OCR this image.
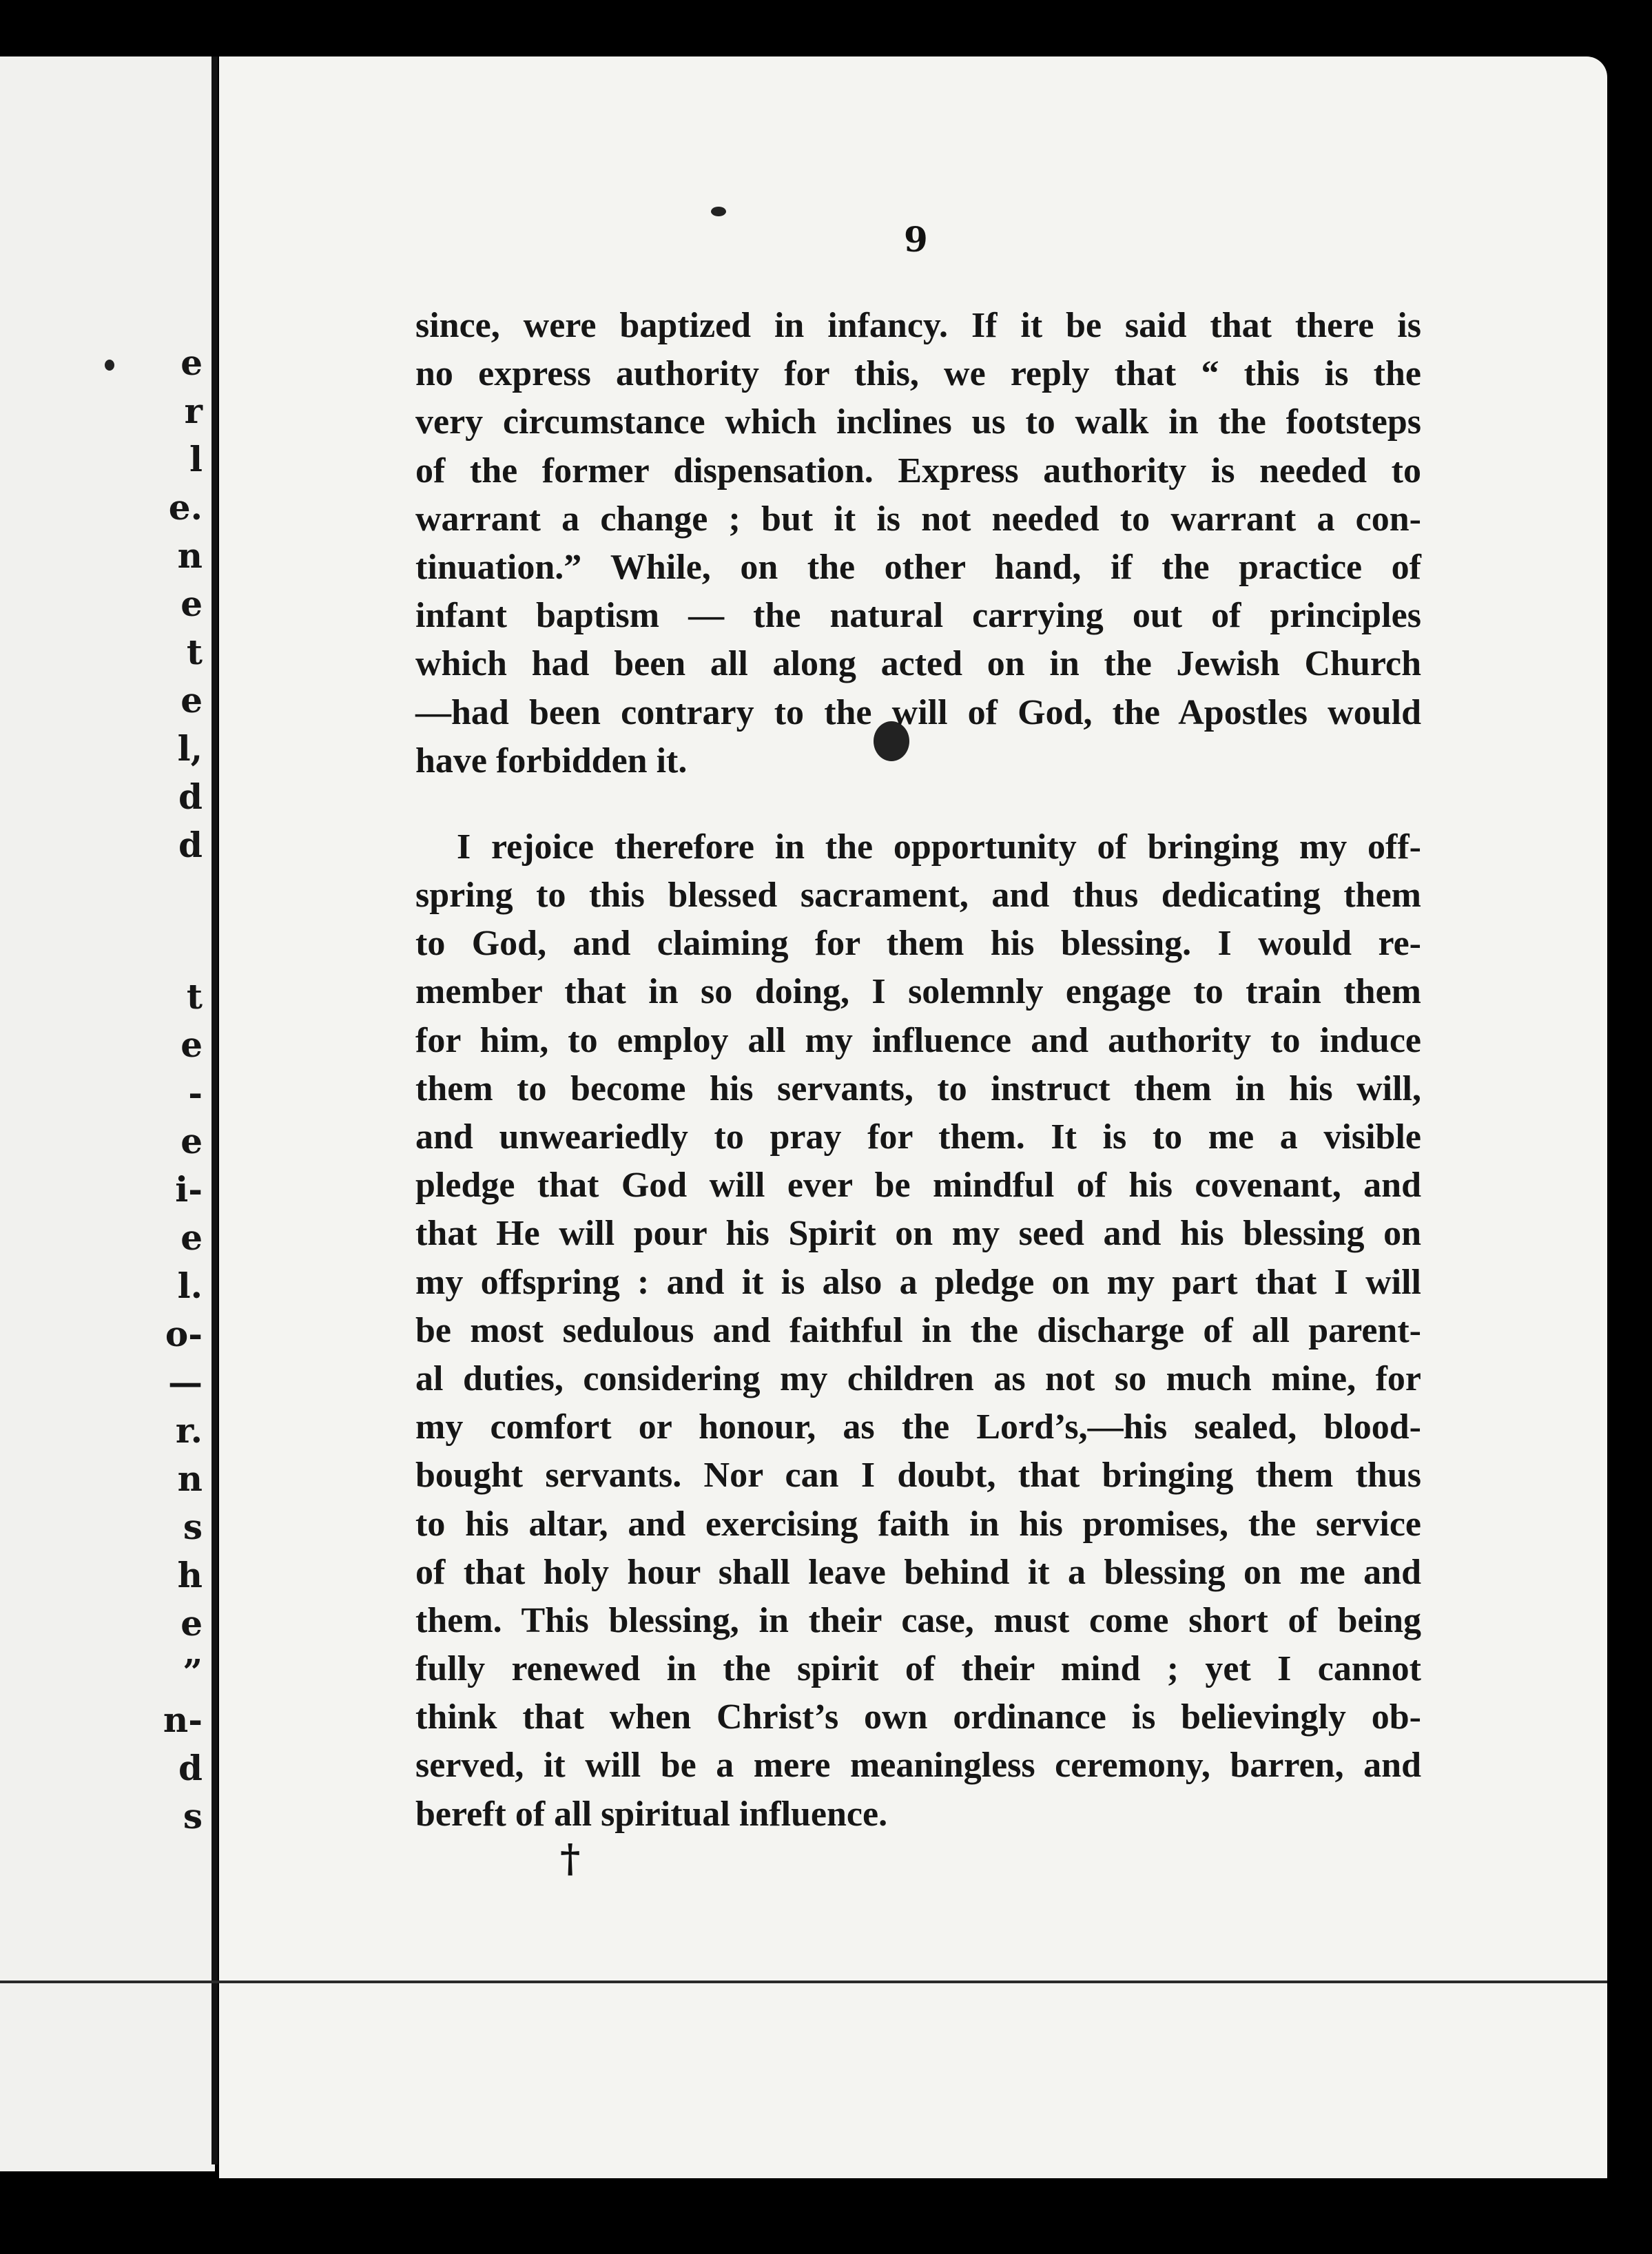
e
r
l
e.
n
e
t
e
l,
d
d
t
e
-
e
i-
e
l.
o-
—
r.
n
s
h
e
”
n-
d
s
9
since, were baptized in infancy. If it be said that there is
no express authority for this, we reply that “ this is the
very circumstance which inclines us to walk in the footsteps
of the former dispensation. Express authority is needed to
warrant a change ; but it is not needed to warrant a con-
tinuation.” While, on the other hand, if the practice of
infant baptism — the natural carrying out of principles
which had been all along acted on in the Jewish Church
—had been contrary to the will of God, the Apostles would
have forbidden it.
I rejoice therefore in the opportunity of bringing my off-
spring to this blessed sacrament, and thus dedicating them
to God, and claiming for them his blessing. I would re-
member that in so doing, I solemnly engage to train them
for him, to employ all my influence and authority to induce
them to become his servants, to instruct them in his will,
and unweariedly to pray for them. It is to me a visible
pledge that God will ever be mindful of his covenant, and
that He will pour his Spirit on my seed and his blessing on
my offspring : and it is also a pledge on my part that I will
be most sedulous and faithful in the discharge of all parent-
al duties, considering my children as not so much mine, for
my comfort or honour, as the Lord’s,—his sealed, blood-
bought servants. Nor can I doubt, that bringing them thus
to his altar, and exercising faith in his promises, the service
of that holy hour shall leave behind it a blessing on me and
them. This blessing, in their case, must come short of being
fully renewed in the spirit of their mind ; yet I cannot
think that when Christ’s own ordinance is believingly ob-
served, it will be a mere meaningless ceremony, barren, and
bereft of all spiritual influence.
†
